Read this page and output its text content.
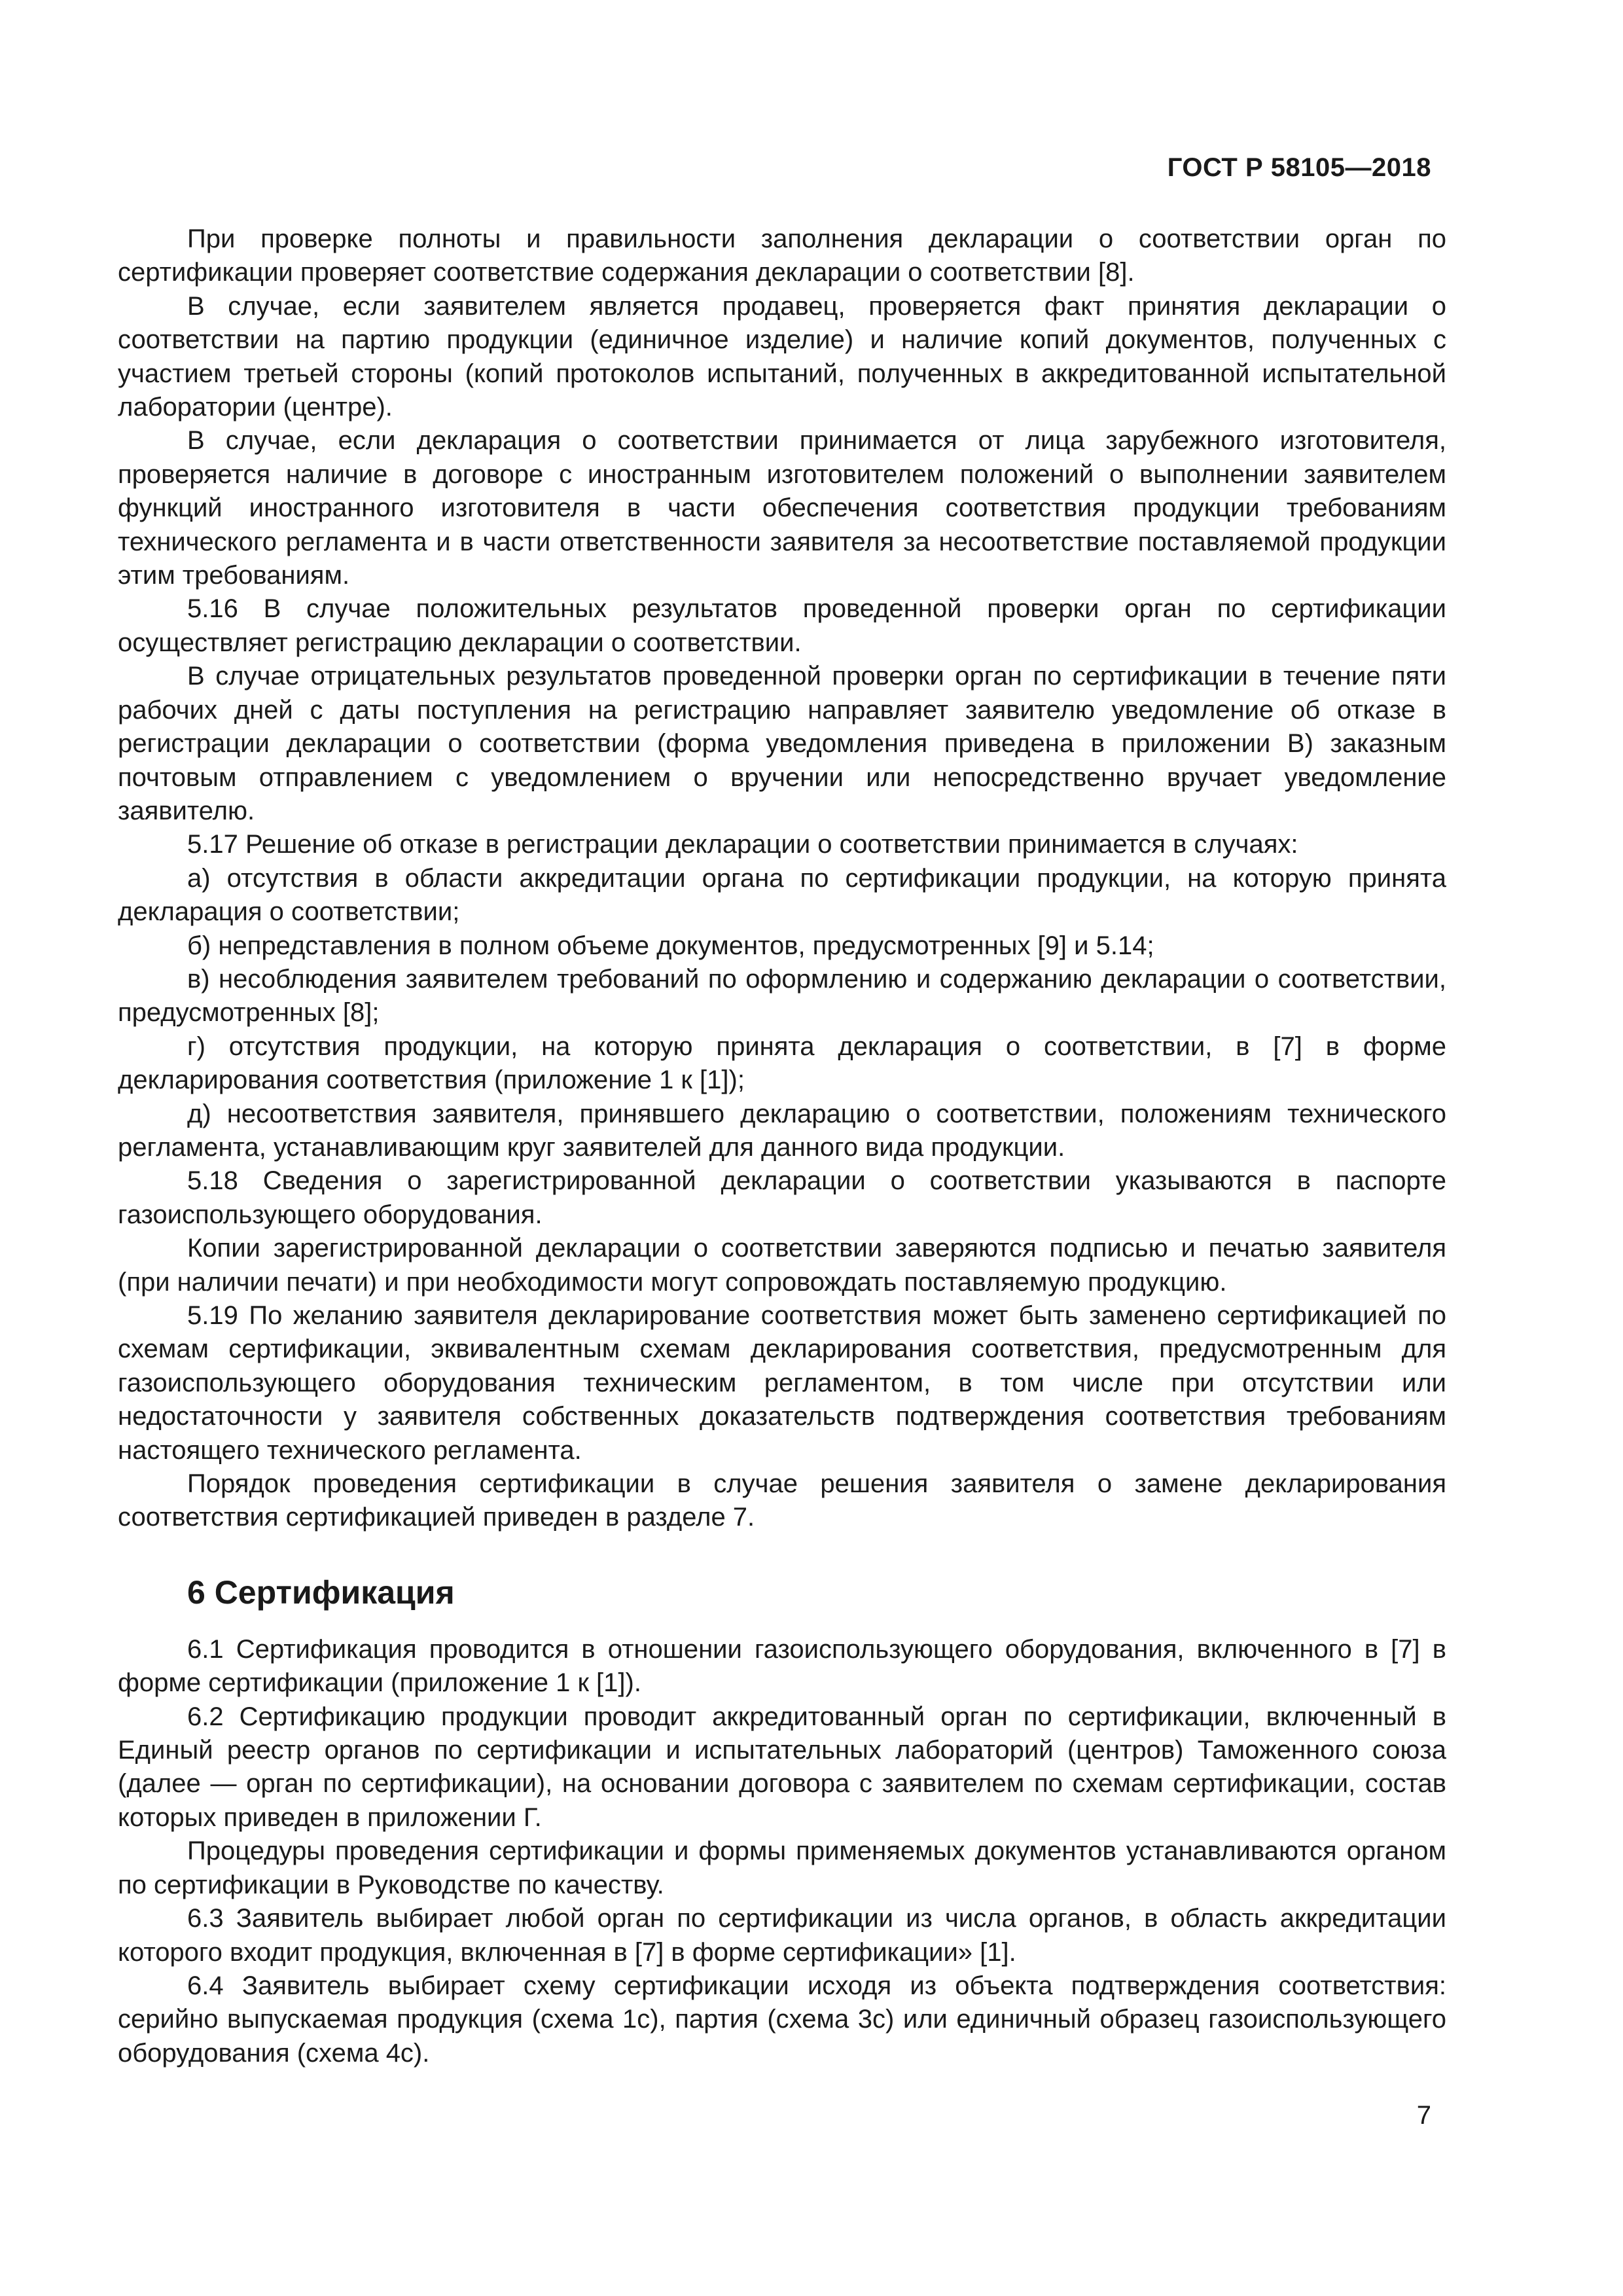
ГОСТ Р 58105—2018

При проверке полноты и правильности заполнения декларации о соответствии орган по сертификации проверяет соответствие содержания декларации о соответствии [8].

В случае, если заявителем является продавец, проверяется факт принятия декларации о соответствии на партию продукции (единичное изделие) и наличие копий документов, полученных с участием третьей стороны (копий протоколов испытаний, полученных в аккредитованной испытательной лаборатории (центре).

В случае, если декларация о соответствии принимается от лица зарубежного изготовителя, проверяется наличие в договоре с иностранным изготовителем положений о выполнении заявителем функций иностранного изготовителя в части обеспечения соответствия продукции требованиям технического регламента и в части ответственности заявителя за несоответствие поставляемой продукции этим требованиям.

5.16 В случае положительных результатов проведенной проверки орган по сертификации осуществляет регистрацию декларации о соответствии.

В случае отрицательных результатов проведенной проверки орган по сертификации в течение пяти рабочих дней с даты поступления на регистрацию направляет заявителю уведомление об отказе в регистрации декларации о соответствии (форма уведомления приведена в приложении В) заказным почтовым отправлением с уведомлением о вручении или непосредственно вручает уведомление заявителю.

5.17 Решение об отказе в регистрации декларации о соответствии принимается в случаях:

а) отсутствия в области аккредитации органа по сертификации продукции, на которую принята декларация о соответствии;

б) непредставления в полном объеме документов, предусмотренных [9] и 5.14;

в) несоблюдения заявителем требований по оформлению и содержанию декларации о соответствии, предусмотренных [8];

г) отсутствия продукции, на которую принята декларация о соответствии, в [7] в форме декларирования соответствия (приложение 1 к [1]);

д) несоответствия заявителя, принявшего декларацию о соответствии, положениям технического регламента, устанавливающим круг заявителей для данного вида продукции.

5.18 Сведения о зарегистрированной декларации о соответствии указываются в паспорте газоиспользующего оборудования.

Копии зарегистрированной декларации о соответствии заверяются подписью и печатью заявителя (при наличии печати) и при необходимости могут сопровождать поставляемую продукцию.

5.19 По желанию заявителя декларирование соответствия может быть заменено сертификацией по схемам сертификации, эквивалентным схемам декларирования соответствия, предусмотренным для газоиспользующего оборудования техническим регламентом, в том числе при отсутствии или недостаточности у заявителя собственных доказательств подтверждения соответствия требованиям настоящего технического регламента.

Порядок проведения сертификации в случае решения заявителя о замене декларирования соответствия сертификацией приведен в разделе 7.

6 Сертификация

6.1 Сертификация проводится в отношении газоиспользующего оборудования, включенного в [7] в форме сертификации (приложение 1 к [1]).

6.2 Сертификацию продукции проводит аккредитованный орган по сертификации, включенный в Единый реестр органов по сертификации и испытательных лабораторий (центров) Таможенного союза (далее — орган по сертификации), на основании договора с заявителем по схемам сертификации, состав которых приведен в приложении Г.

Процедуры проведения сертификации и формы применяемых документов устанавливаются органом по сертификации в Руководстве по качеству.

6.3 Заявитель выбирает любой орган по сертификации из числа органов, в область аккредитации которого входит продукция, включенная в [7] в форме сертификации» [1].

6.4 Заявитель выбирает схему сертификации исходя из объекта подтверждения соответствия: серийно выпускаемая продукция (схема 1с), партия (схема 3с) или единичный образец газоиспользующего оборудования (схема 4с).

7
